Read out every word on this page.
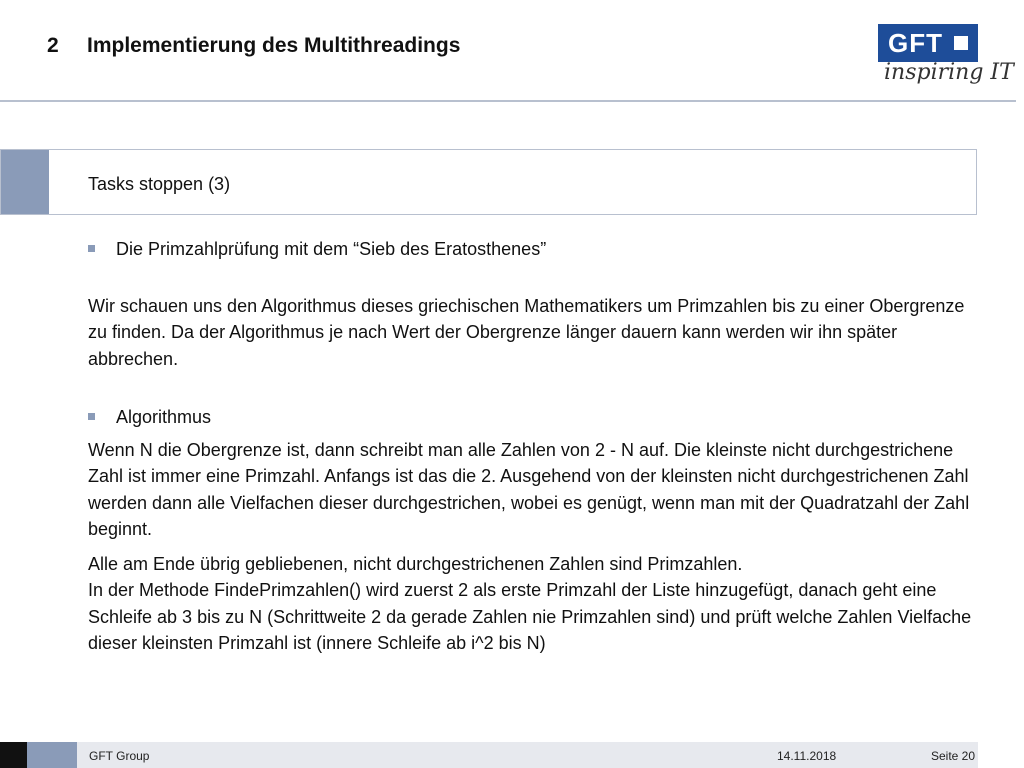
2 Implementierung des Multithreadings	GFT
inspiring IT
Tasks stoppen (3)
Die Primzahlprüfung mit dem “Sieb des Eratosthenes”

Wir schauen uns den Algorithmus dieses griechischen Mathematikers um Primzahlen bis zu einer Obergrenze zu finden. Da der Algorithmus je nach Wert der Obergrenze länger dauern kann werden wir ihn später abbrechen.

Algorithmus

Wenn N die Obergrenze ist, dann schreibt man alle Zahlen von 2 - N auf. Die kleinste nicht durchgestrichene Zahl ist immer eine Primzahl. Anfangs ist das die 2. Ausgehend von der kleinsten nicht durchgestrichenen Zahl werden dann alle Vielfachen dieser durchgestrichen, wobei es genügt, wenn man mit der Quadratzahl der Zahl beginnt.

Alle am Ende übrig gebliebenen, nicht durchgestrichenen Zahlen sind Primzahlen.
In der Methode FindePrimzahlen() wird zuerst 2 als erste Primzahl der Liste hinzugefügt, danach geht eine Schleife ab 3 bis zu N (Schrittweite 2 da gerade Zahlen nie Primzahlen sind) und prüft welche Zahlen Vielfache dieser kleinsten Primzahl ist (innere Schleife ab i^2 bis N)

GFT Group	14.11.2018	Seite 20
